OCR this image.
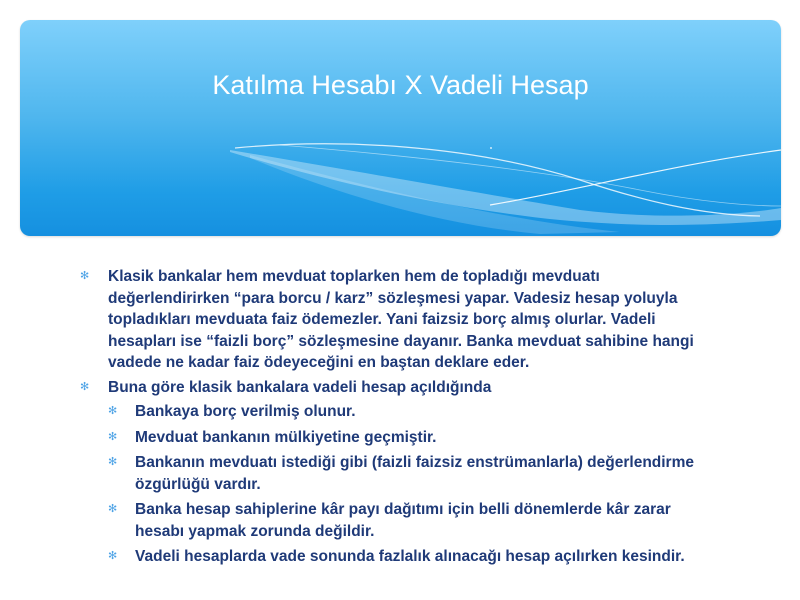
Katılma Hesabı X Vadeli Hesap
✻ Klasik bankalar hem mevduat toplarken hem de topladığı mevduatı değerlendirirken “para borcu / karz” sözleşmesi yapar. Vadesiz hesap yoluyla topladıkları mevduata faiz ödemezler. Yani faizsiz borç almış olurlar. Vadeli hesapları ise “faizli borç” sözleşmesine dayanır. Banka mevduat sahibine hangi vadede ne kadar faiz ödeyeceğini en baştan deklare eder.
✻ Buna göre klasik bankalara vadeli hesap açıldığında
✻ Bankaya borç verilmiş olunur.
✻ Mevduat bankanın mülkiyetine geçmiştir.
✻ Bankanın mevduatı istediği gibi (faizli faizsiz enstrümanlarla) değerlendirme özgürlüğü vardır.
✻ Banka hesap sahiplerine kâr payı dağıtımı için belli dönemlerde kâr zarar hesabı yapmak zorunda değildir.
✻ Vadeli hesaplarda vade sonunda fazlalık alınacağı hesap açılırken kesindir.
